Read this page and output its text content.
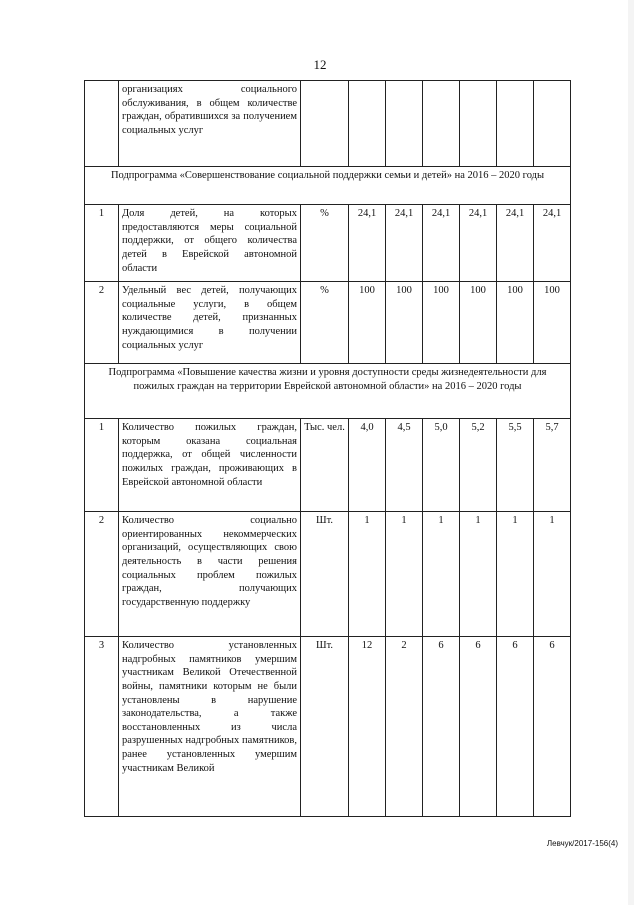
12

	организациях социального обслуживания, в общем количестве граждан, обратившихся за получением социальных услуг							

Подпрограмма «Совершенствование социальной поддержки семьи и детей» на 2016 – 2020 годы								
1	Доля детей, на которых предоставляются меры социальной поддержки, от общего количества детей в Еврейской автономной области	%	24,1	24,1	24,1	24,1	24,1	24,1
2	Удельный вес детей, получающих социальные услуги, в общем количестве детей, признанных нуждающимися в получении социальных услуг	%	100	100	100	100	100	100
Подпрограмма «Повышение качества жизни и уровня доступности среды жизнедеятельности для пожилых граждан на территории Еврейской автономной области» на 2016 – 2020 годы								
1	Количество пожилых граждан, которым оказана социальная поддержка, от общей численности пожилых граждан, проживающих в Еврейской автономной области	Тыс. чел.	4,0	4,5	5,0	5,2	5,5	5,7
2	Количество социально ориентированных некоммерческих организаций, осуществляющих свою деятельность в части решения социальных проблем пожилых граждан, получающих государственную поддержку	Шт.	1	1	1	1	1	1
3	Количество установленных надгробных памятников умершим участникам Великой Отечественной войны, памятники которым не были установлены в нарушение законодательства, а также восстановленных из числа разрушенных надгробных памятников, ранее установленных умершим участникам Великой	Шт.	12	2	6	6	6	6
Левчук/2017-156(4)
